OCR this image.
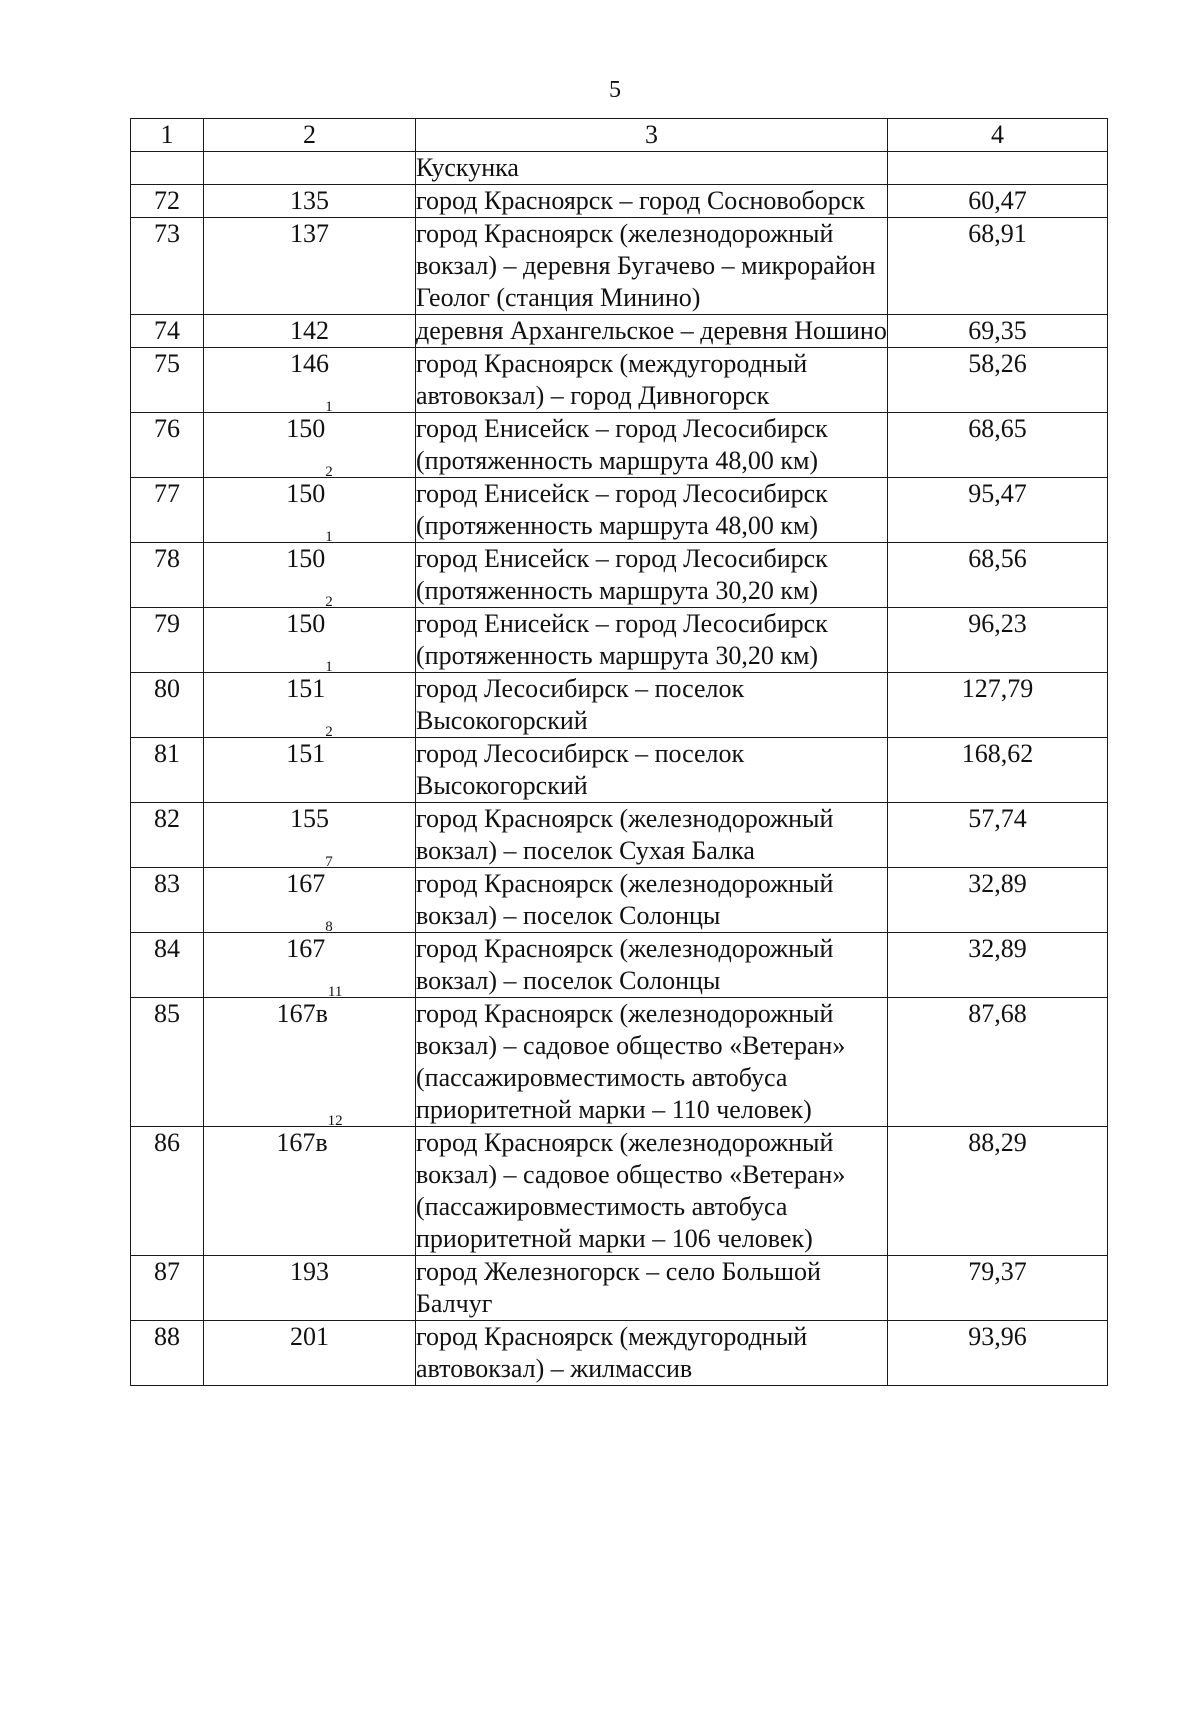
5
1	2	3	4
		Кускунка	
72	135	город Красноярск – город Сосновоборск	60,47
73	137	город Красноярск (железнодорожный вокзал) – деревня Бугачево – микрорайон Геолог (станция Минино)	68,91
74	142	деревня Архангельское – деревня Ношино	69,35
75	146	город Красноярск (междугородный автовокзал) – город Дивногорск	58,26
76	$150^1$	город Енисейск – город Лесосибирск (протяженность маршрута 48,00 км)	68,65
77	$150^2$	город Енисейск – город Лесосибирск (протяженность маршрута 48,00 км)	95,47
78	$150^1$	город Енисейск – город Лесосибирск (протяженность маршрута 30,20 км)	68,56
79	$150^2$	город Енисейск – город Лесосибирск (протяженность маршрута 30,20 км)	96,23
80	$151^1$	город Лесосибирск – поселок Высокогорский	127,79
81	$151^2$	город Лесосибирск – поселок Высокогорский	168,62
82	155	город Красноярск (железнодорожный вокзал) – поселок Сухая Балка	57,74
83	$167^7$	город Красноярск (железнодорожный вокзал) – поселок Солонцы	32,89
84	$167^8$	город Красноярск (железнодорожный вокзал) – поселок Солонцы	32,89
85	$167в^{11}$	город Красноярск (железнодорожный вокзал) – садовое общество «Ветеран» (пассажировместимость автобуса приоритетной марки – 110 человек)	87,68
86	$167в^{12}$	город Красноярск (железнодорожный вокзал) – садовое общество «Ветеран» (пассажировместимость автобуса приоритетной марки – 106 человек)	88,29
87	193	город Железногорск – село Большой Балчуг	79,37
88	201	город Красноярск (междугородный автовокзал) – жилмассив	93,96
